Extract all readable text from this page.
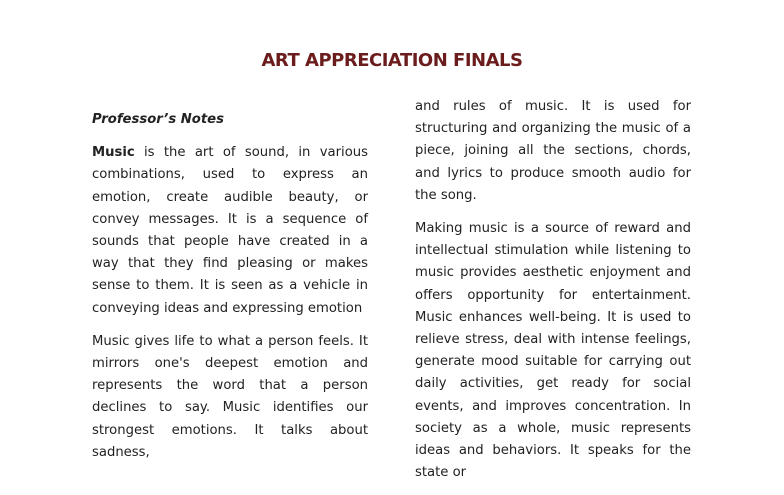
ART APPRECIATION FINALS
Professor’s Notes

Music is the art of sound, in various combinations, used to express an emotion, create audible beauty, or convey messages. It is a sequence of sounds that people have created in a way that they find pleasing or makes sense to them. It is seen as a vehicle in conveying ideas and expressing emotion

Music gives life to what a person feels. It mirrors one's deepest emotion and represents the word that a person declines to say. Music identifies our strongest emotions. It talks about sadness,

and rules of music. It is used for structuring and organizing the music of a piece, joining all the sections, chords, and lyrics to produce smooth audio for the song.

Making music is a source of reward and intellectual stimulation while listening to music provides aesthetic enjoyment and offers opportunity for entertainment. Music enhances well-being. It is used to relieve stress, deal with intense feelings, generate mood suitable for carrying out daily activities, get ready for social events, and improves concentration. In society as a whole, music represents ideas and behaviors. It speaks for the state or
